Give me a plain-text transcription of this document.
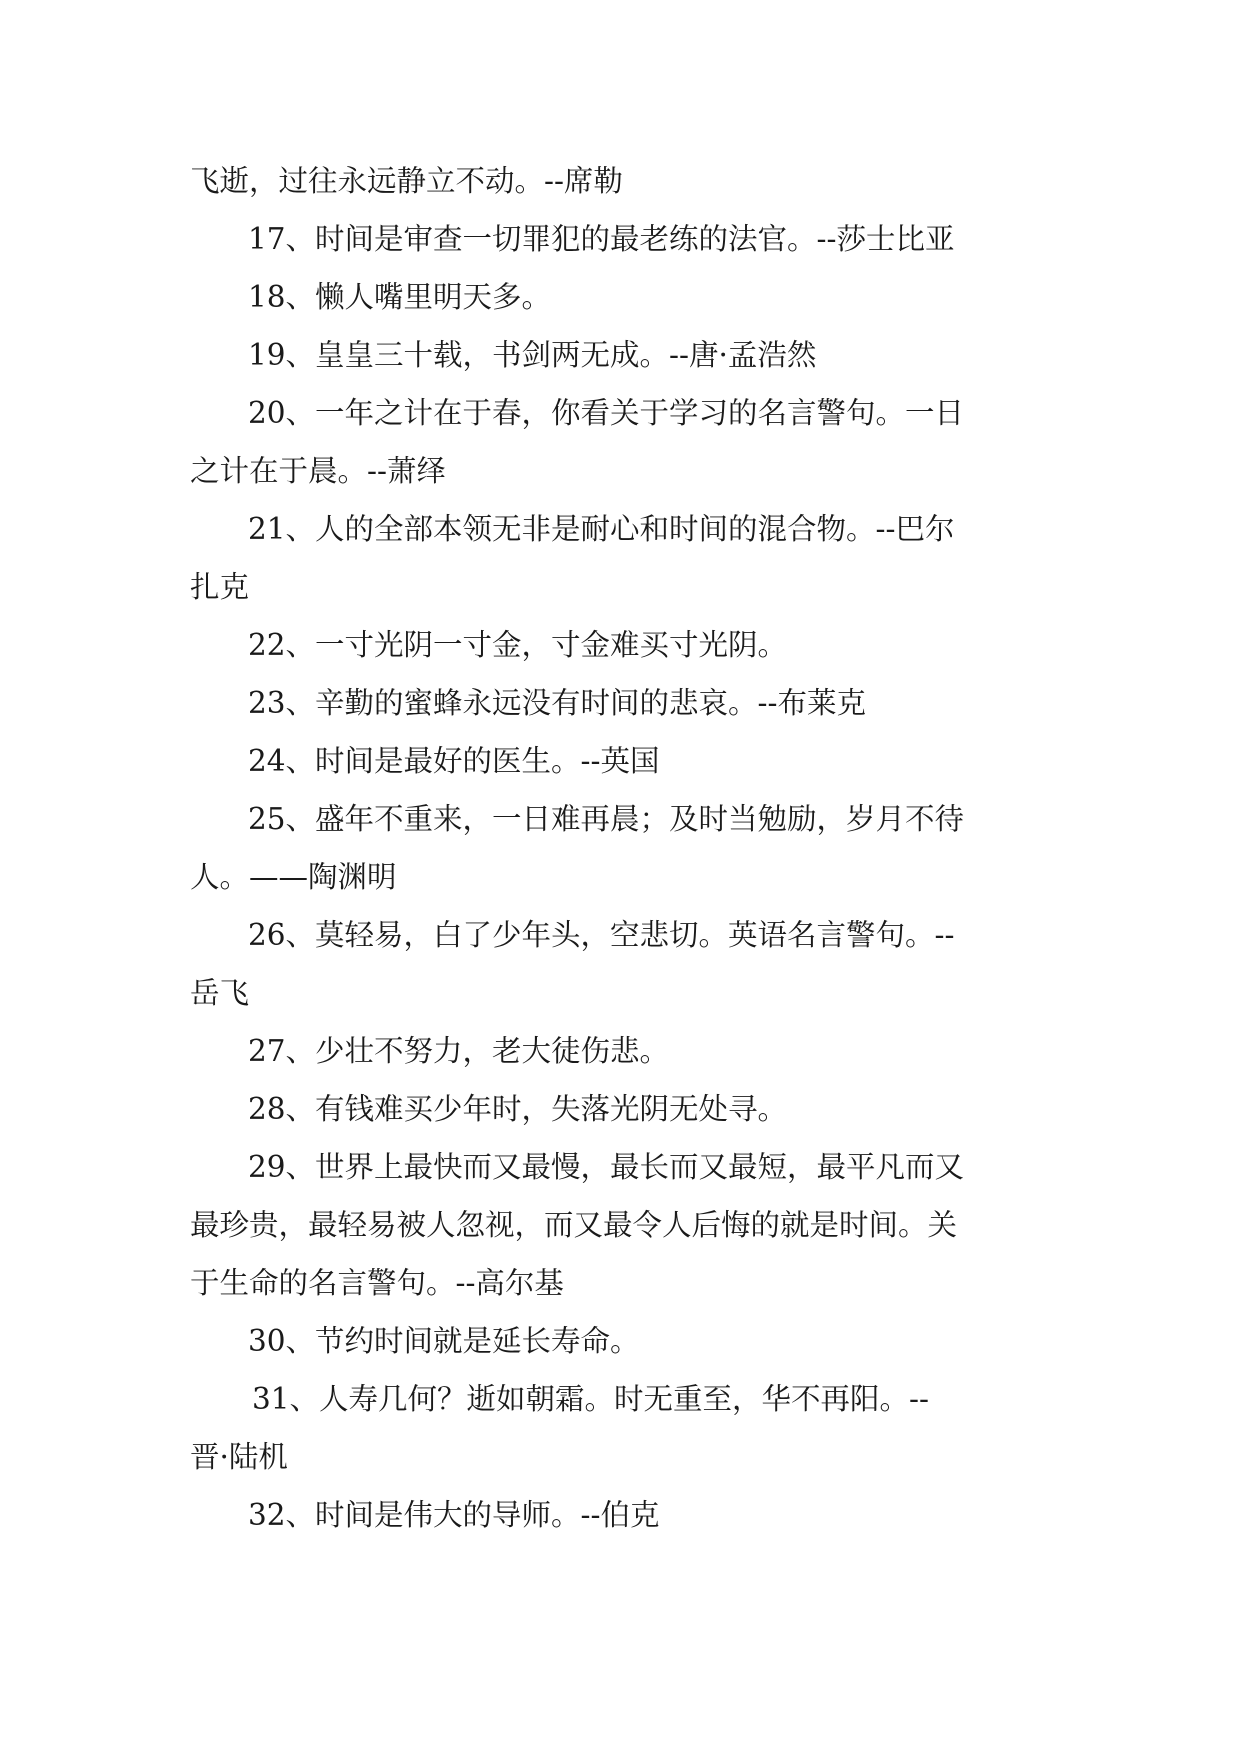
飞逝，过往永远静立不动。--席勒

17、时间是审查一切罪犯的最老练的法官。--莎士比亚

18、懒人嘴里明天多。

19、皇皇三十载，书剑两无成。--唐·孟浩然

20、一年之计在于春，你看关于学习的名言警句。一日

之计在于晨。--萧绎

21、人的全部本领无非是耐心和时间的混合物。--巴尔

扎克

22、一寸光阴一寸金，寸金难买寸光阴。

23、辛勤的蜜蜂永远没有时间的悲哀。--布莱克

24、时间是最好的医生。--英国

25、盛年不重来，一日难再晨；及时当勉励，岁月不待

人。——陶渊明

26、莫轻易，白了少年头，空悲切。英语名言警句。--

岳飞

27、少壮不努力，老大徒伤悲。

28、有钱难买少年时，失落光阴无处寻。

29、世界上最快而又最慢，最长而又最短，最平凡而又

最珍贵，最轻易被人忽视，而又最令人后悔的就是时间。关

于生命的名言警句。--高尔基

30、节约时间就是延长寿命。

31、人寿几何？逝如朝霜。时无重至，华不再阳。--

晋·陆机

32、时间是伟大的导师。--伯克
